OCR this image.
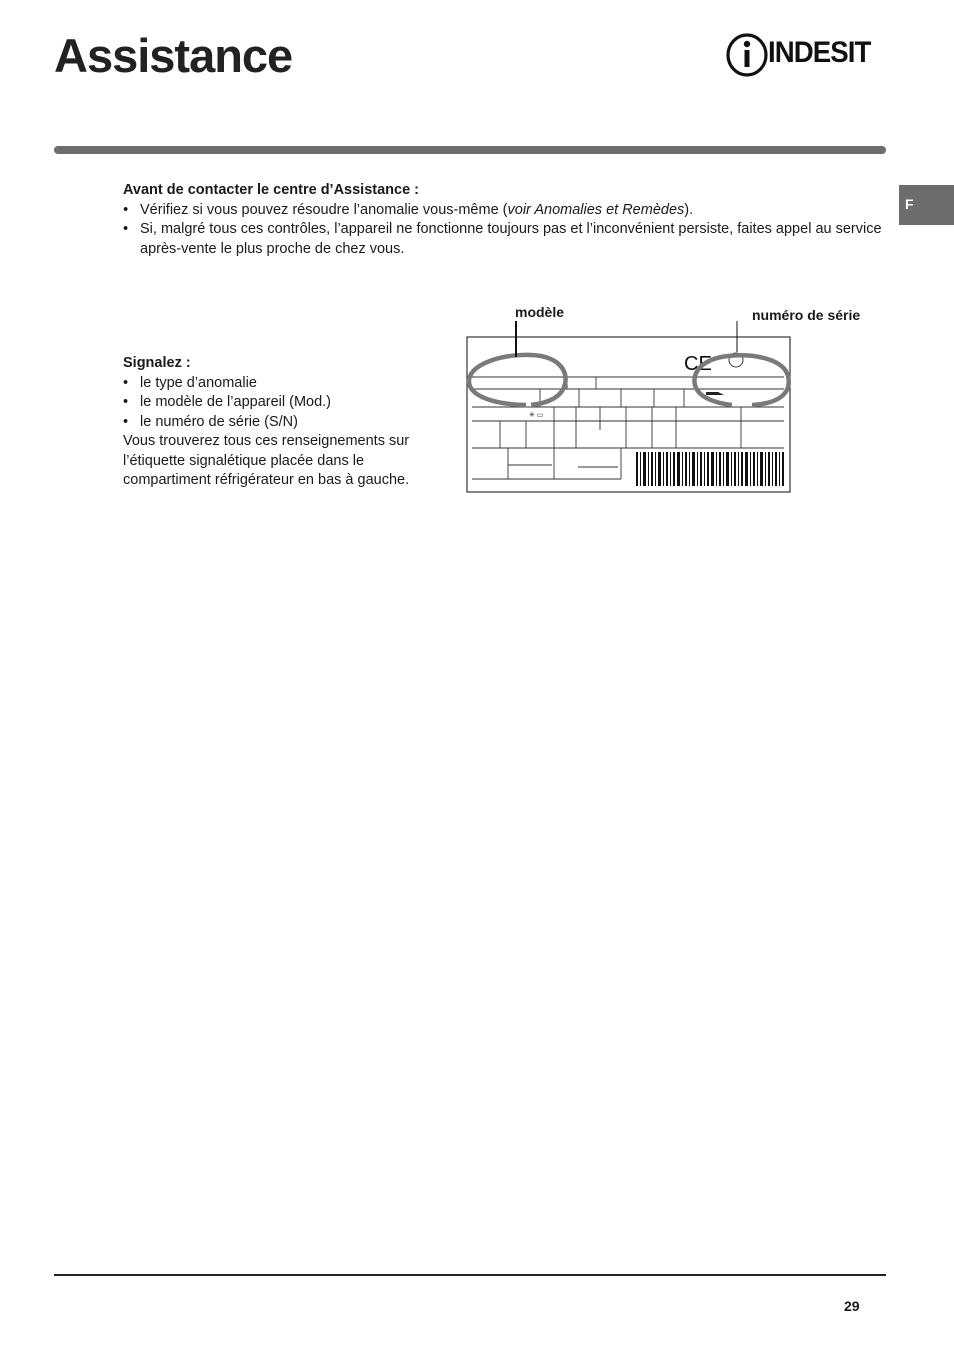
Assistance	INDESIT
F
Avant de contacter le centre d’Assistance :
• Vérifiez si vous pouvez résoudre l’anomalie vous-même (voir Anomalies et Remèdes).
• Si, malgré tous ces contrôles, l’appareil ne fonctionne toujours pas et l’inconvénient persiste, faites appel au service après-vente le plus proche de chez vous.
Signalez :
• le type d’anomalie
• le modèle de l’appareil (Mod.)
• le numéro de série (S/N)
Vous trouverez tous ces renseignements sur l’étiquette signalétique placée dans le compartiment réfrigérateur en bas à gauche.
modèle	numéro de série
CE
✳ ▭
29
